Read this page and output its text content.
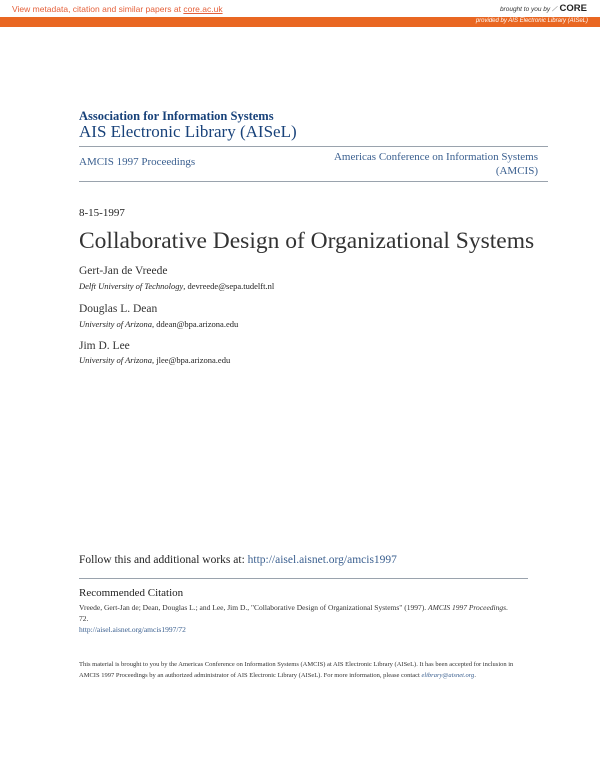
View metadata, citation and similar papers at core.ac.uk	brought to you by ⟋ CORE
provided by AIS Electronic Library (AISeL)
Association for Information Systems
AIS Electronic Library (AISeL)
AMCIS 1997 Proceedings	Americas Conference on Information Systems
(AMCIS)
8-15-1997
Collaborative Design of Organizational Systems
Gert-Jan de Vreede
Delft University of Technology, devreede@sepa.tudelft.nl
Douglas L. Dean
University of Arizona, ddean@bpa.arizona.edu
Jim D. Lee
University of Arizona, jlee@bpa.arizona.edu
Follow this and additional works at: http://aisel.aisnet.org/amcis1997
Recommended Citation
Vreede, Gert-Jan de; Dean, Douglas L.; and Lee, Jim D., "Collaborative Design of Organizational Systems" (1997). AMCIS 1997 Proceedings. 72.
http://aisel.aisnet.org/amcis1997/72
This material is brought to you by the Americas Conference on Information Systems (AMCIS) at AIS Electronic Library (AISeL). It has been accepted for inclusion in AMCIS 1997 Proceedings by an authorized administrator of AIS Electronic Library (AISeL). For more information, please contact elibrary@aisnet.org.
